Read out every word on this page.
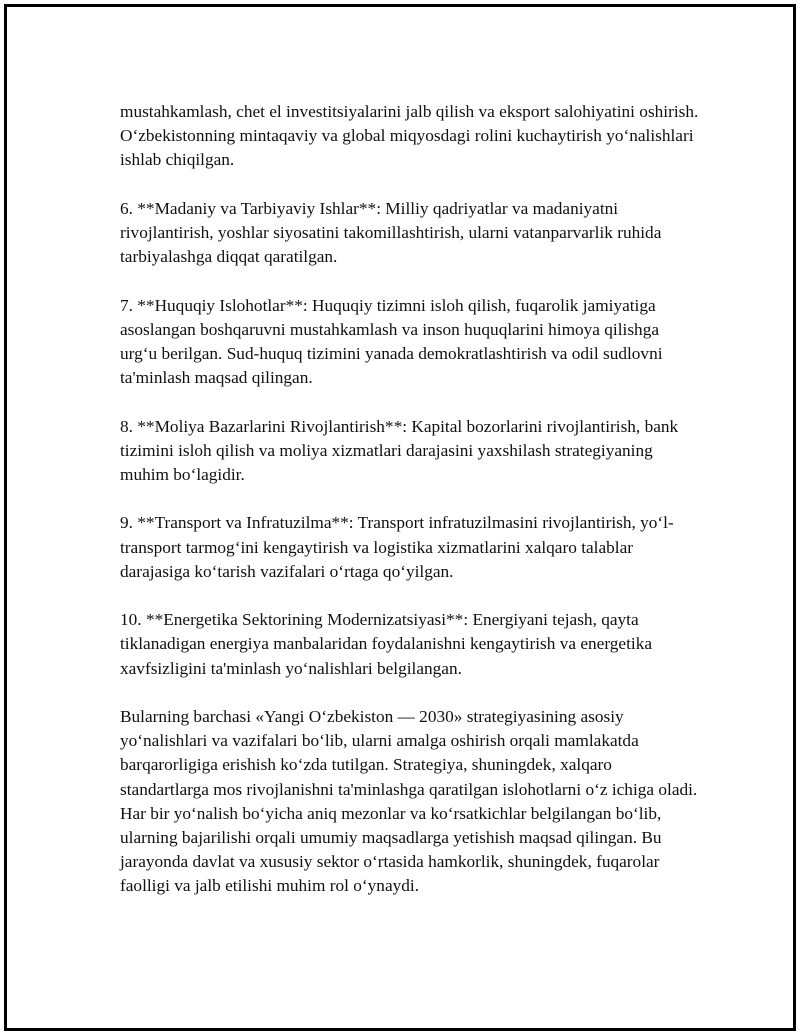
mustahkamlash, chet el investitsiyalarini jalb qilish va eksport salohiyatini oshirish. O‘zbekistonning mintaqaviy va global miqyosdagi rolini kuchaytirish yo‘nalishlari ishlab chiqilgan.

6. **Madaniy va Tarbiyaviy Ishlar**: Milliy qadriyatlar va madaniyatni rivojlantirish, yoshlar siyosatini takomillashtirish, ularni vatanparvarlik ruhida tarbiyalashga diqqat qaratilgan.

7. **Huquqiy Islohotlar**: Huquqiy tizimni isloh qilish, fuqarolik jamiyatiga asoslangan boshqaruvni mustahkamlash va inson huquqlarini himoya qilishga urg‘u berilgan. Sud-huquq tizimini yanada demokratlashtirish va odil sudlovni ta'minlash maqsad qilingan.

8. **Moliya Bazarlarini Rivojlantirish**: Kapital bozorlarini rivojlantirish, bank tizimini isloh qilish va moliya xizmatlari darajasini yaxshilash strategiyaning muhim bo‘lagidir.

9. **Transport va Infratuzilma**: Transport infratuzilmasini rivojlantirish, yo‘l-transport tarmog‘ini kengaytirish va logistika xizmatlarini xalqaro talablar darajasiga ko‘tarish vazifalari o‘rtaga qo‘yilgan.

10. **Energetika Sektorining Modernizatsiyasi**: Energiyani tejash, qayta tiklanadigan energiya manbalaridan foydalanishni kengaytirish va energetika xavfsizligini ta'minlash yo‘nalishlari belgilangan.

Bularning barchasi «Yangi O‘zbekiston — 2030» strategiyasining asosiy yo‘nalishlari va vazifalari bo‘lib, ularni amalga oshirish orqali mamlakatda barqarorligiga erishish ko‘zda tutilgan. Strategiya, shuningdek, xalqaro standartlarga mos rivojlanishni ta'minlashga qaratilgan islohotlarni o‘z ichiga oladi. Har bir yo‘nalish bo‘yicha aniq mezonlar va ko‘rsatkichlar belgilangan bo‘lib, ularning bajarilishi orqali umumiy maqsadlarga yetishish maqsad qilingan. Bu jarayonda davlat va xususiy sektor o‘rtasida hamkorlik, shuningdek, fuqarolar faolligi va jalb etilishi muhim rol o‘ynaydi.
